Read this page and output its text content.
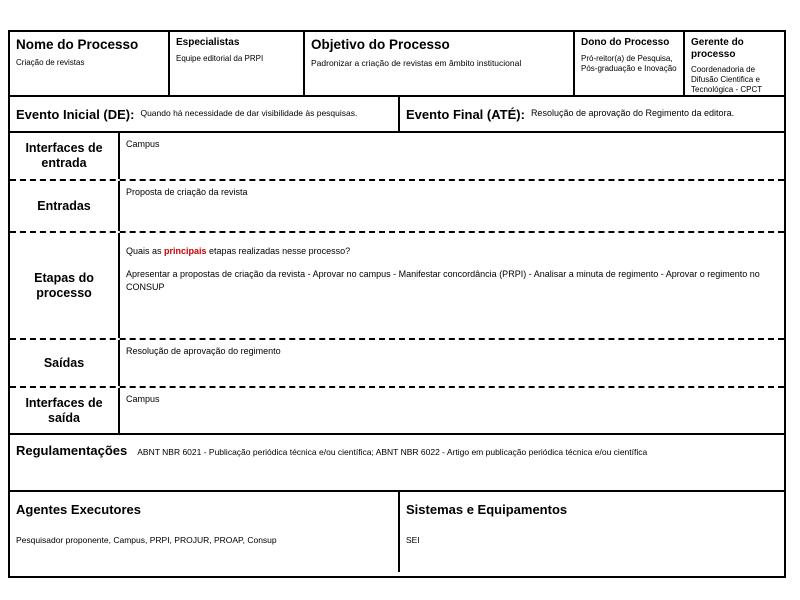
Nome do Processo
Criação de revistas
Especialistas
Equipe editorial da PRPI
Objetivo do Processo
Padronizar a criação de revistas em âmbito institucional
Dono do Processo
Pró-reitor(a) de Pesquisa, Pós-graduação e Inovação
Gerente do processo
Coordenadoria de Difusão Cientifica e Tecnológica - CPCT
Evento Inicial (DE): Quando há necessidade de dar visibilidade às pesquisas.	Evento Final (ATÉ): Resolução de aprovação do Regimento da editora.
Interfaces de entrada
Campus
Entradas
Proposta de criação da revista
Etapas do processo

Quais as principais etapas realizadas nesse processo?

Apresentar a propostas de criação da revista - Aprovar no campus - Manifestar concordância (PRPI) - Analisar a minuta de regimento - Aprovar o regimento no CONSUP

Saídas
Resolução de aprovação do regimento
Interfaces de saída
Campus
Regulamentações ABNT NBR 6021 - Publicação periódica técnica e/ou científica; ABNT NBR 6022 - Artigo em publicação periódica técnica e/ou científica
Agentes Executores
Pesquisador proponente, Campus, PRPI, PROJUR, PROAP, Consup
Sistemas e Equipamentos
SEI
